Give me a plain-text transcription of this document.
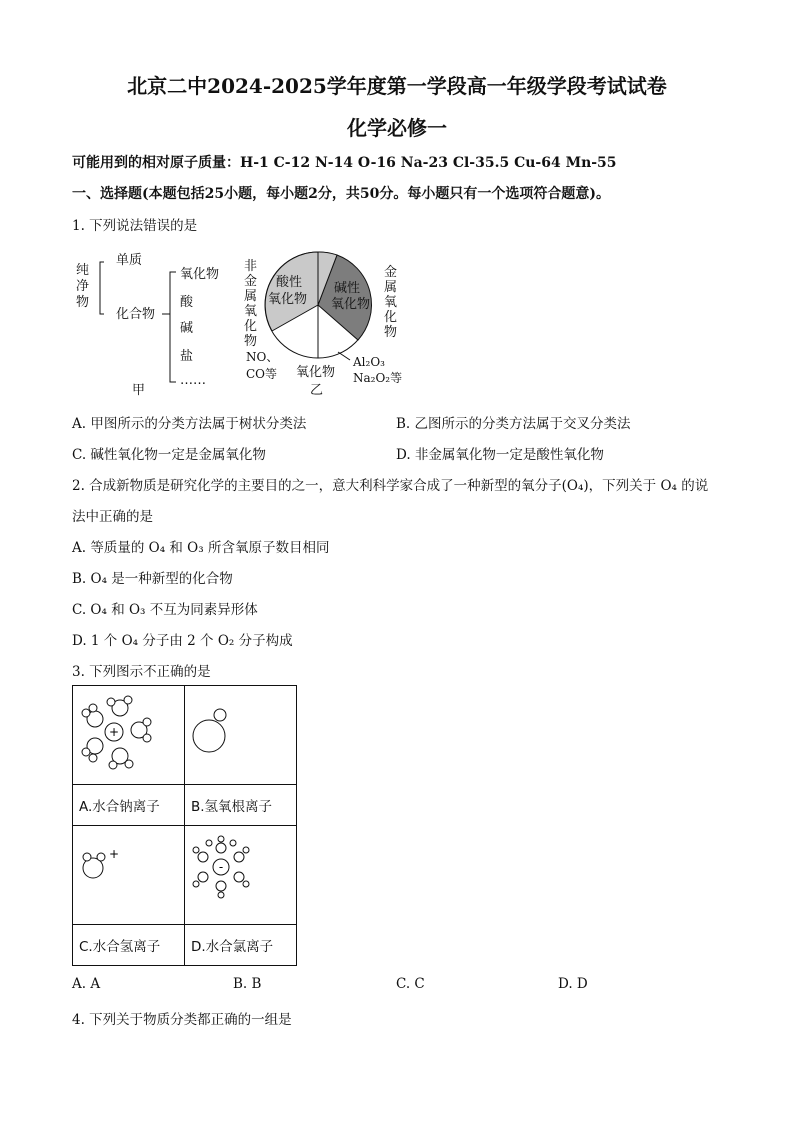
北京二中2024-2025学年度第一学段高一年级学段考试试卷
化学必修一
可能用到的相对原子质量：H-1 C-12 N-14 O-16 Na-23 Cl-35.5 Cu-64 Mn-55
一、选择题(本题包括25小题，每小题2分，共50分。每小题只有一个选项符合题意)。
1. 下列说法错误的是
纯
净
物
单质
化合物
氧化物
酸
碱
盐
……
甲
酸性
氧化物
碱性
氧化物
非
金
属
氧
化
物
金
属
氧
化
物
NO、
CO等 氧化物
Al₂O₃
Na₂O₂等
乙
A. 甲图所示的分类方法属于树状分类法	B. 乙图所示的分类方法属于交叉分类法
C. 碱性氧化物一定是金属氧化物	D. 非金属氧化物一定是酸性氧化物
2. 合成新物质是研究化学的主要目的之一，意大利科学家合成了一种新型的氧分子(O₄)，下列关于 O₄ 的说
法中正确的是
A. 等质量的 O₄ 和 O₃ 所含氧原子数目相同
B. O₄ 是一种新型的化合物
C. O₄ 和 O₃ 不互为同素异形体
D. 1 个 O₄ 分子由 2 个 O₂ 分子构成
3. 下列图示不正确的是
+

A.水合钠离子	B.氢氧根离子

+	-

C.水合氢离子	D.水合氯离子
A. A	B. B	C. C	D. D
4. 下列关于物质分类都正确的一组是
